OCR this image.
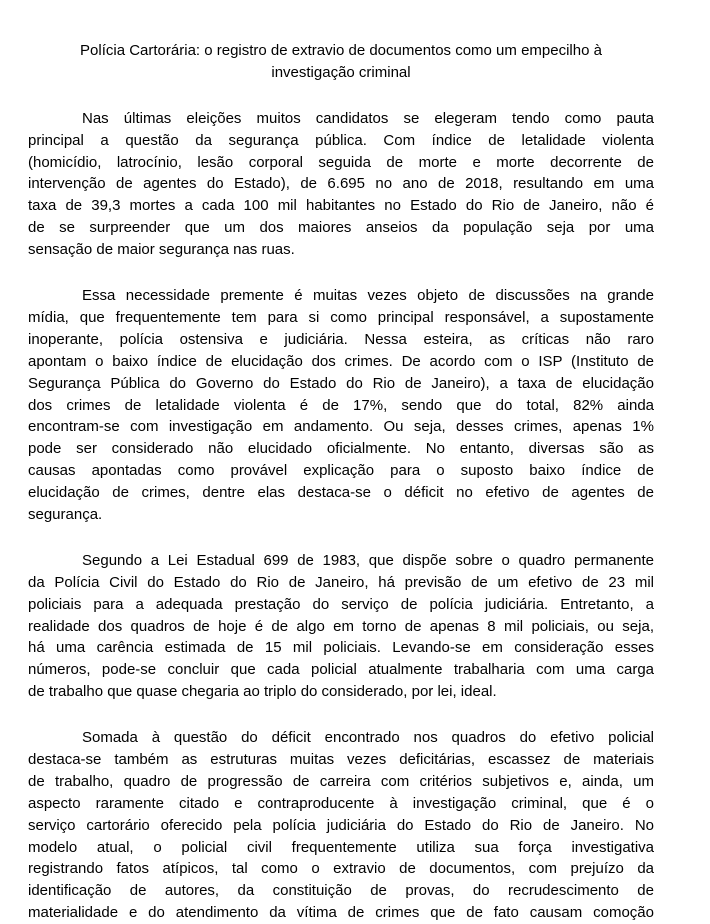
Polícia Cartorária: o registro de extravio de documentos como um empecilho à
investigação criminal
Nas últimas eleições muitos candidatos se elegeram tendo como pauta
principal a questão da segurança pública. Com índice de letalidade violenta
(homicídio, latrocínio, lesão corporal seguida de morte e morte decorrente de
intervenção de agentes do Estado), de 6.695 no ano de 2018, resultando em uma
taxa de 39,3 mortes a cada 100 mil habitantes no Estado do Rio de Janeiro, não é
de se surpreender que um dos maiores anseios da população seja por uma
sensação de maior segurança nas ruas.
Essa necessidade premente é muitas vezes objeto de discussões na grande
mídia, que frequentemente tem para si como principal responsável, a supostamente
inoperante, polícia ostensiva e judiciária. Nessa esteira, as críticas não raro
apontam o baixo índice de elucidação dos crimes. De acordo com o ISP (Instituto de
Segurança Pública do Governo do Estado do Rio de Janeiro), a taxa de elucidação
dos crimes de letalidade violenta é de 17%, sendo que do total, 82% ainda
encontram-se com investigação em andamento. Ou seja, desses crimes, apenas 1%
pode ser considerado não elucidado oficialmente. No entanto, diversas são as
causas apontadas como provável explicação para o suposto baixo índice de
elucidação de crimes, dentre elas destaca-se o déficit no efetivo de agentes de
segurança.
Segundo a Lei Estadual 699 de 1983, que dispõe sobre o quadro permanente
da Polícia Civil do Estado do Rio de Janeiro, há previsão de um efetivo de 23 mil
policiais para a adequada prestação do serviço de polícia judiciária. Entretanto, a
realidade dos quadros de hoje é de algo em torno de apenas 8 mil policiais, ou seja,
há uma carência estimada de 15 mil policiais. Levando-se em consideração esses
números, pode-se concluir que cada policial atualmente trabalharia com uma carga
de trabalho que quase chegaria ao triplo do considerado, por lei, ideal.
Somada à questão do déficit encontrado nos quadros do efetivo policial
destaca-se também as estruturas muitas vezes deficitárias, escassez de materiais
de trabalho, quadro de progressão de carreira com critérios subjetivos e, ainda, um
aspecto raramente citado e contraproducente à investigação criminal, que é o
serviço cartorário oferecido pela polícia judiciária do Estado do Rio de Janeiro. No
modelo atual, o policial civil frequentemente utiliza sua força investigativa
registrando fatos atípicos, tal como o extravio de documentos, com prejuízo da
identificação de autores, da constituição de provas, do recrudescimento de
materialidade e do atendimento da vítima de crimes que de fato causam comoção
